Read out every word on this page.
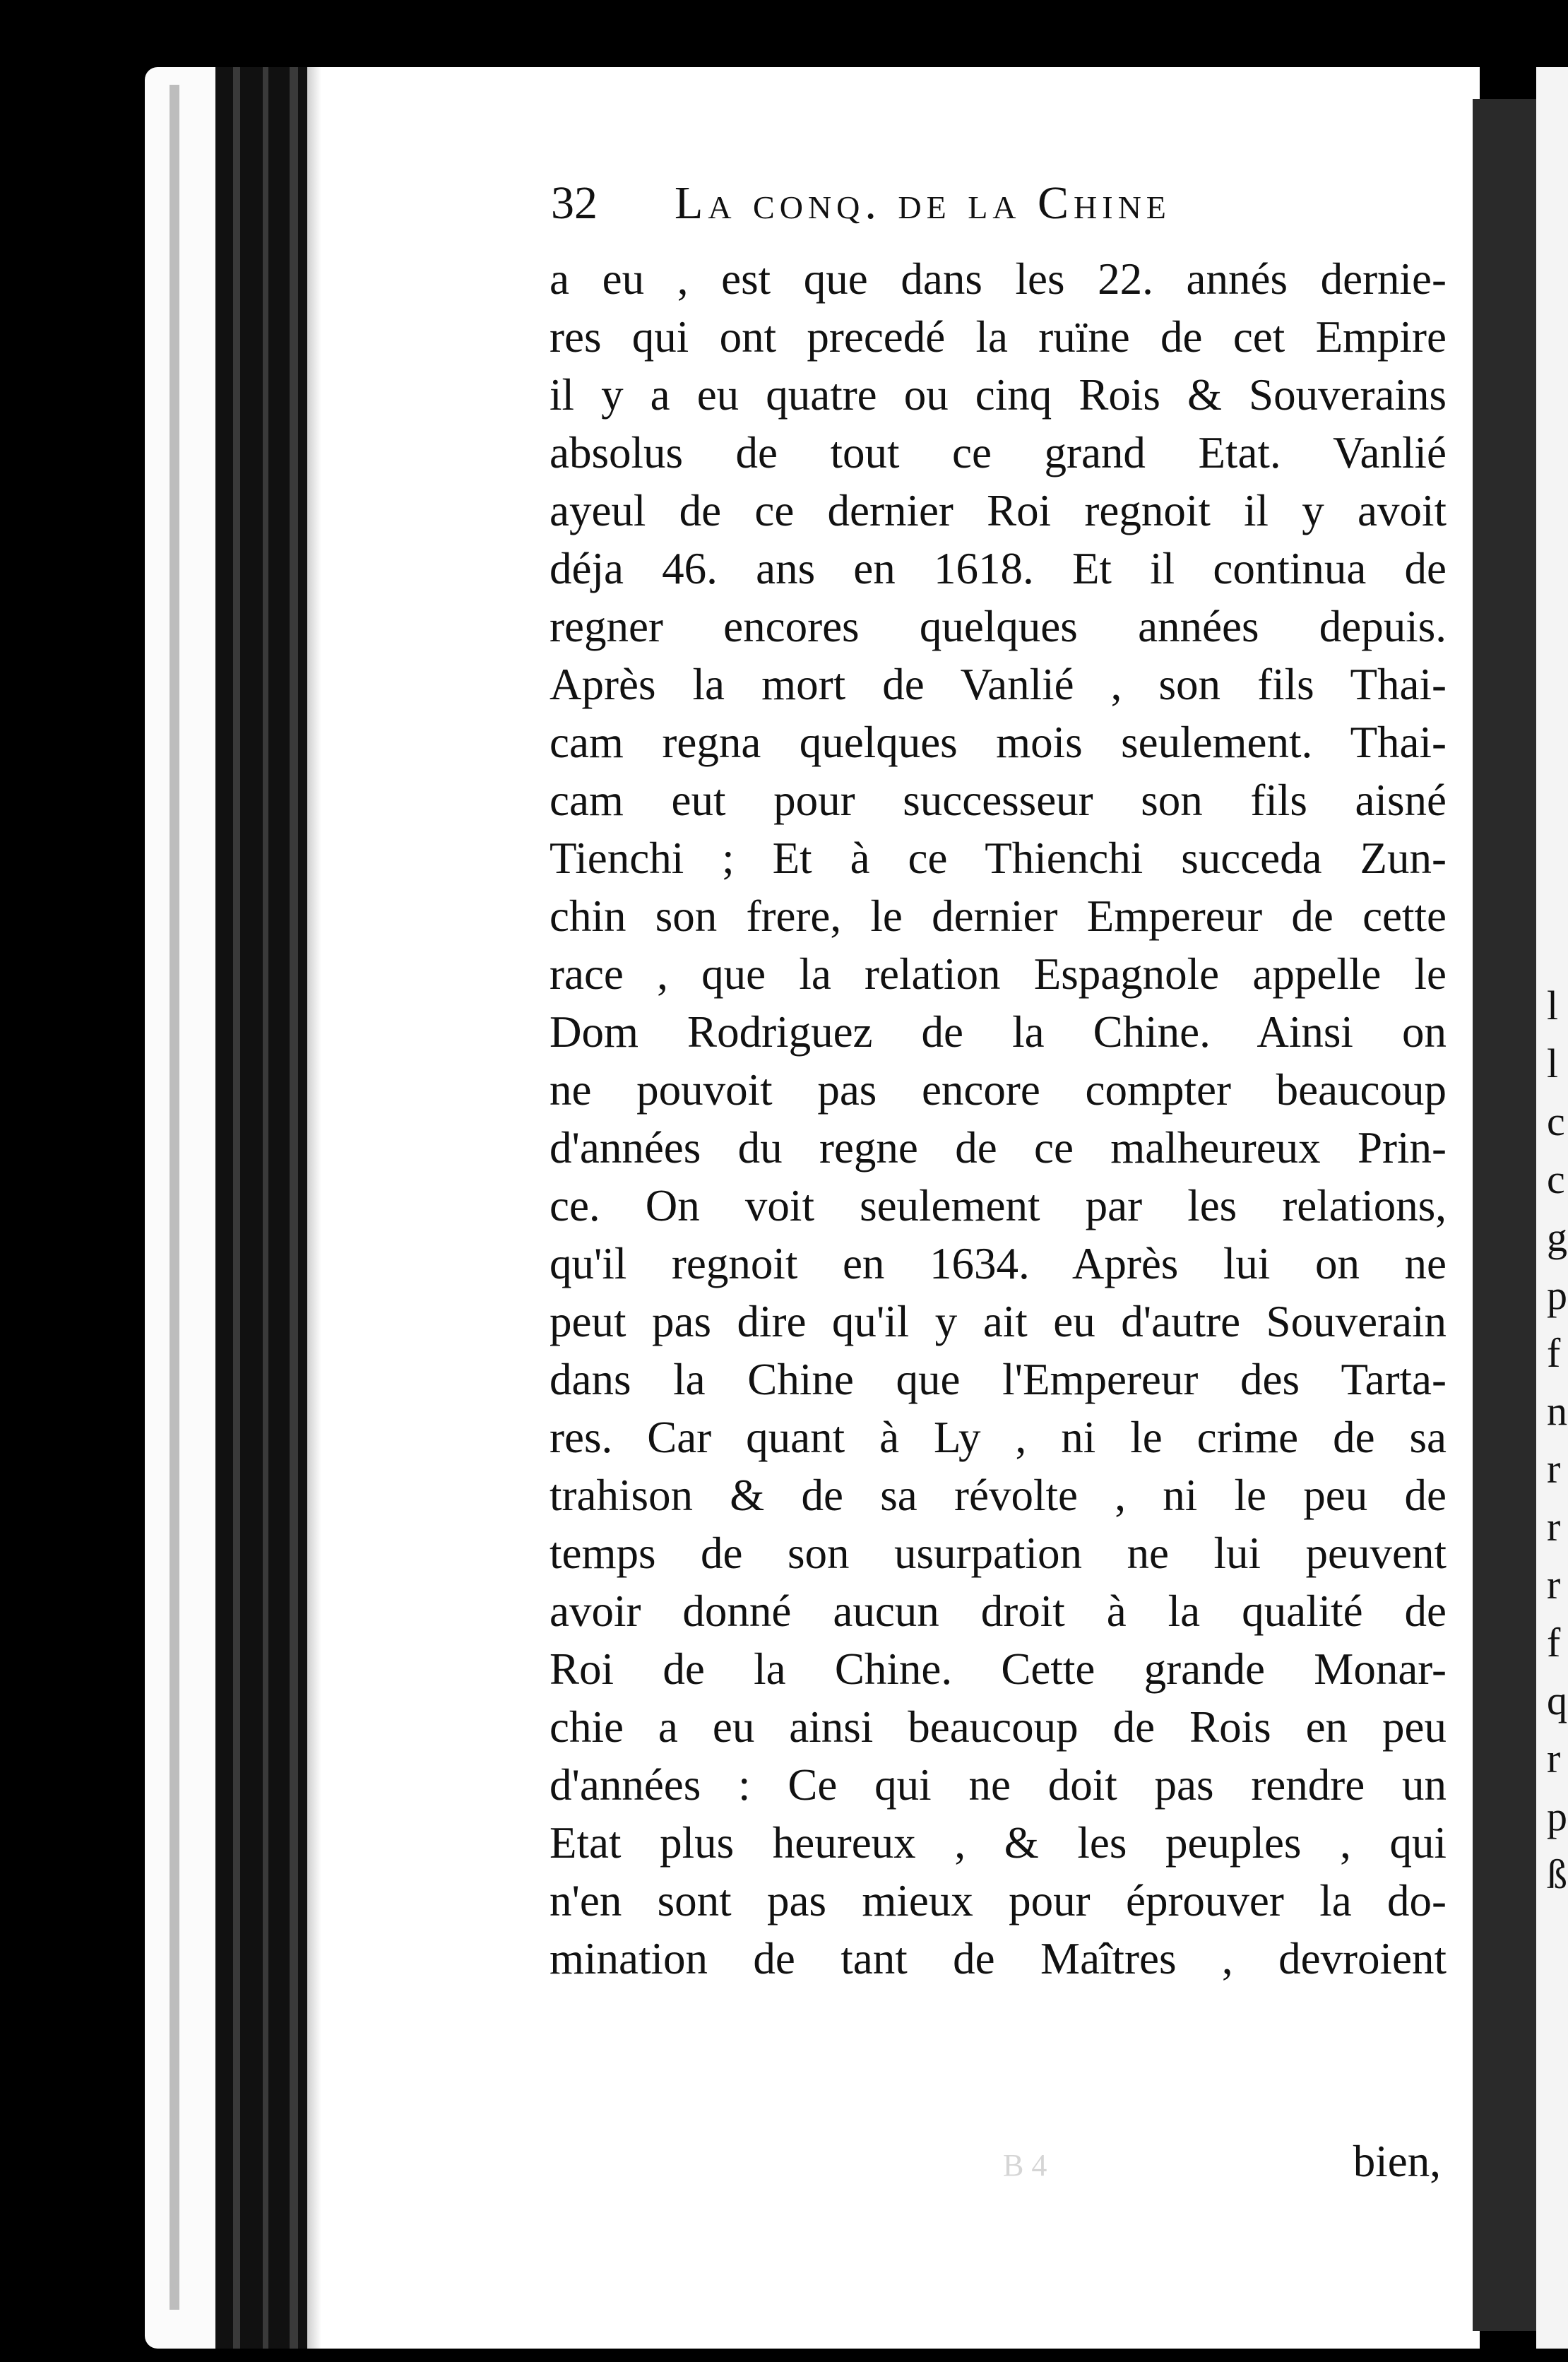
l
l
c
c
g
p
f
n
r
r
r
f
q
r
p
ß
32 La conq. de la Chine
a eu , est que dans les 22. annés dernie-
res qui ont precedé la ruïne de cet Empire
il y a eu quatre ou cinq Rois & Souverains
absolus de tout ce grand Etat. Vanlié
ayeul de ce dernier Roi regnoit il y avoit
déja 46. ans en 1618. Et il continua de
regner encores quelques années depuis.
Après la mort de Vanlié , son fils Thai-
cam regna quelques mois seulement. Thai-
cam eut pour successeur son fils aisné
Tienchi ; Et à ce Thienchi succeda Zun-
chin son frere, le dernier Empereur de cette
race , que la relation Espagnole appelle le
Dom Rodriguez de la Chine. Ainsi on
ne pouvoit pas encore compter beaucoup
d'années du regne de ce malheureux Prin-
ce. On voit seulement par les relations,
qu'il regnoit en 1634. Après lui on ne
peut pas dire qu'il y ait eu d'autre Souverain
dans la Chine que l'Empereur des Tarta-
res. Car quant à Ly , ni le crime de sa
trahison & de sa révolte , ni le peu de
temps de son usurpation ne lui peuvent
avoir donné aucun droit à la qualité de
Roi de la Chine. Cette grande Monar-
chie a eu ainsi beaucoup de Rois en peu
d'années : Ce qui ne doit pas rendre un
Etat plus heureux , & les peuples , qui
n'en sont pas mieux pour éprouver la do-
mination de tant de Maîtres , devroient
bien,
B 4
